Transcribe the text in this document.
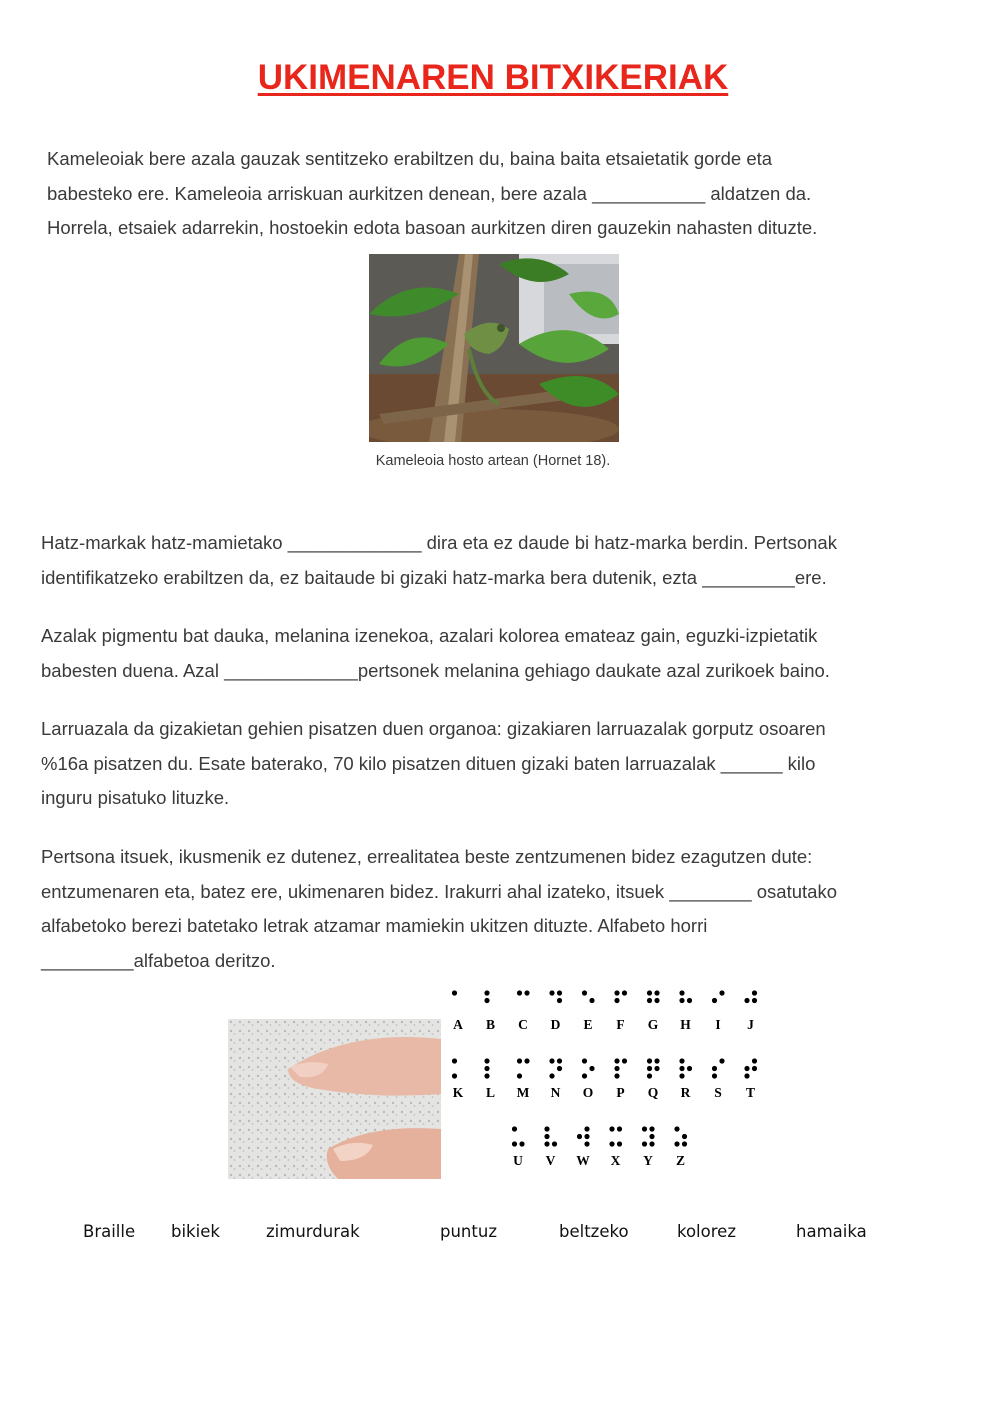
UKIMENAREN BITXIKERIAK
Kameleoiak bere azala gauzak sentitzeko erabiltzen du, baina baita etsaietatik gorde eta
babesteko ere. Kameleoia arriskuan aurkitzen denean, bere azala ___________ aldatzen da.
Horrela, etsaiek adarrekin, hostoekin edota basoan aurkitzen diren gauzekin nahasten dituzte.
Kameleoia hosto artean (Hornet 18).
Hatz-markak hatz-mamietako _____________ dira eta ez daude bi hatz-marka berdin. Pertsonak
identifikatzeko erabiltzen da, ez baitaude bi gizaki hatz-marka bera dutenik, ezta _________ere.
Azalak pigmentu bat dauka, melanina izenekoa, azalari kolorea emateaz gain, eguzki-izpietatik
babesten duena. Azal _____________pertsonek melanina gehiago daukate azal zurikoek baino.
Larruazala da gizakietan gehien pisatzen duen organoa: gizakiaren larruazalak gorputz osoaren
%16a pisatzen du. Esate baterako, 70 kilo pisatzen dituen gizaki baten larruazalak ______ kilo
inguru pisatuko lituzke.
Pertsona itsuek, ikusmenik ez dutenez, errealitatea beste zentzumenen bidez ezagutzen dute:
entzumenaren eta, batez ere, ukimenaren bidez. Irakurri ahal izateko, itsuek ________ osatutako
alfabetoko berezi batetako letrak atzamar mamiekin ukitzen dituzte. Alfabeto horri
_________alfabetoa deritzo.
A B C D E F G H I J
K L M N O P Q R S T
U V W X Y Z
Braille bikiek	zimurdurak	puntuz	beltzeko	kolorez	hamaika
